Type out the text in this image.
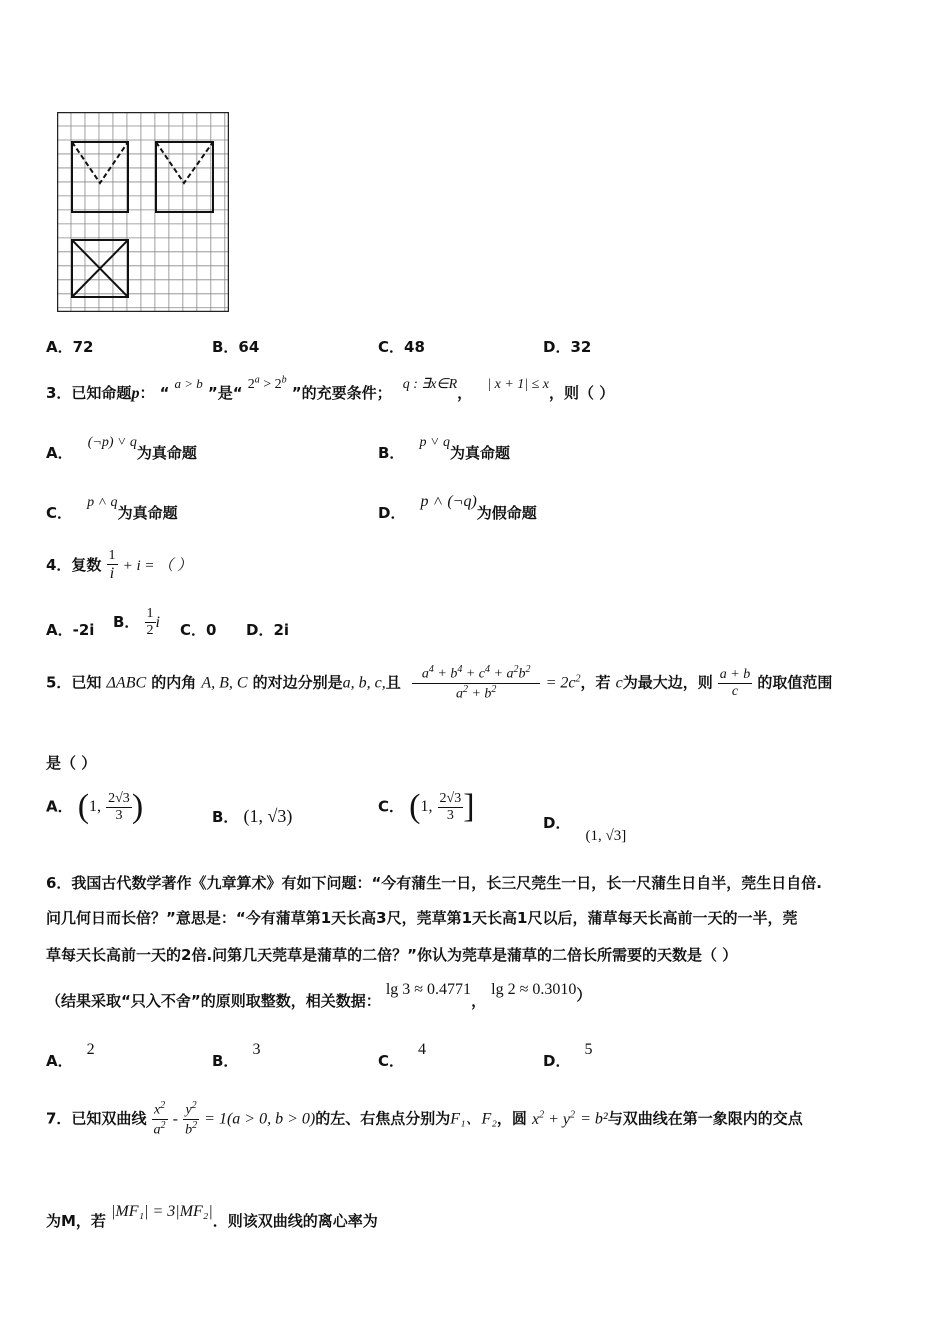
A．72	B．64	C．48	D．32
3．已知命题p： “ a > b ”是“ $2^a > 2^b$ ”的充要条件； q : ∃x∈R， | x + 1| ≤ x，则（ ）
A． (¬p) ˅ q为真命题	B． p ˅ q为真命题
C． p ˄ q为真命题	D． p ˄ (¬q)为假命题
4．复数 $\frac{1}{i} + i$ = （ ）
A．-2i B． $\frac{1}{2}$ i C．0 D．2i
5．已知 ΔABC 的内角 A, B, C 的对边分别是a, b, c,且 $\frac{a^4 + b^4 + c^4 + a^2b^2}{a^2 + b^2} = 2c^2$，若 c为最大边，则 $\frac{a + b}{c}$ 的取值范围
是（ ）
A． (1, $\frac{2√3}{3}$ )	B． (1, √3)	C． (1, $\frac{2√3}{3}$ ]	D． (1, √3]
6．我国古代数学著作《九章算术》有如下问题：“今有蒲生一日，长三尺莞生一日，长一尺蒲生日自半，莞生日自倍.
问几何日而长倍？”意思是：“今有蒲草第1天长高3尺，莞草第1天长高1尺以后，蒲草每天长高前一天的一半，莞
草每天长高前一天的2倍.问第几天莞草是蒲草的二倍？”你认为莞草是蒲草的二倍长所需要的天数是（ ）
（结果采取“只入不舍”的原则取整数，相关数据： lg 3 ≈ 0.4771， lg 2 ≈ 0.3010）
A．2
B．3
C．4
D．5
7．已知双曲线 $\frac{x^2}{a^2} - \frac{y^2}{b^2} = 1(a > 0$, b > 0)的左、右焦点分别为F₁、F₂，圆 $x^2 + y^2 = b^2$与双曲线在第一象限内的交点
为M，若 |MF₁| = 3|MF₂|．则该双曲线的离心率为
